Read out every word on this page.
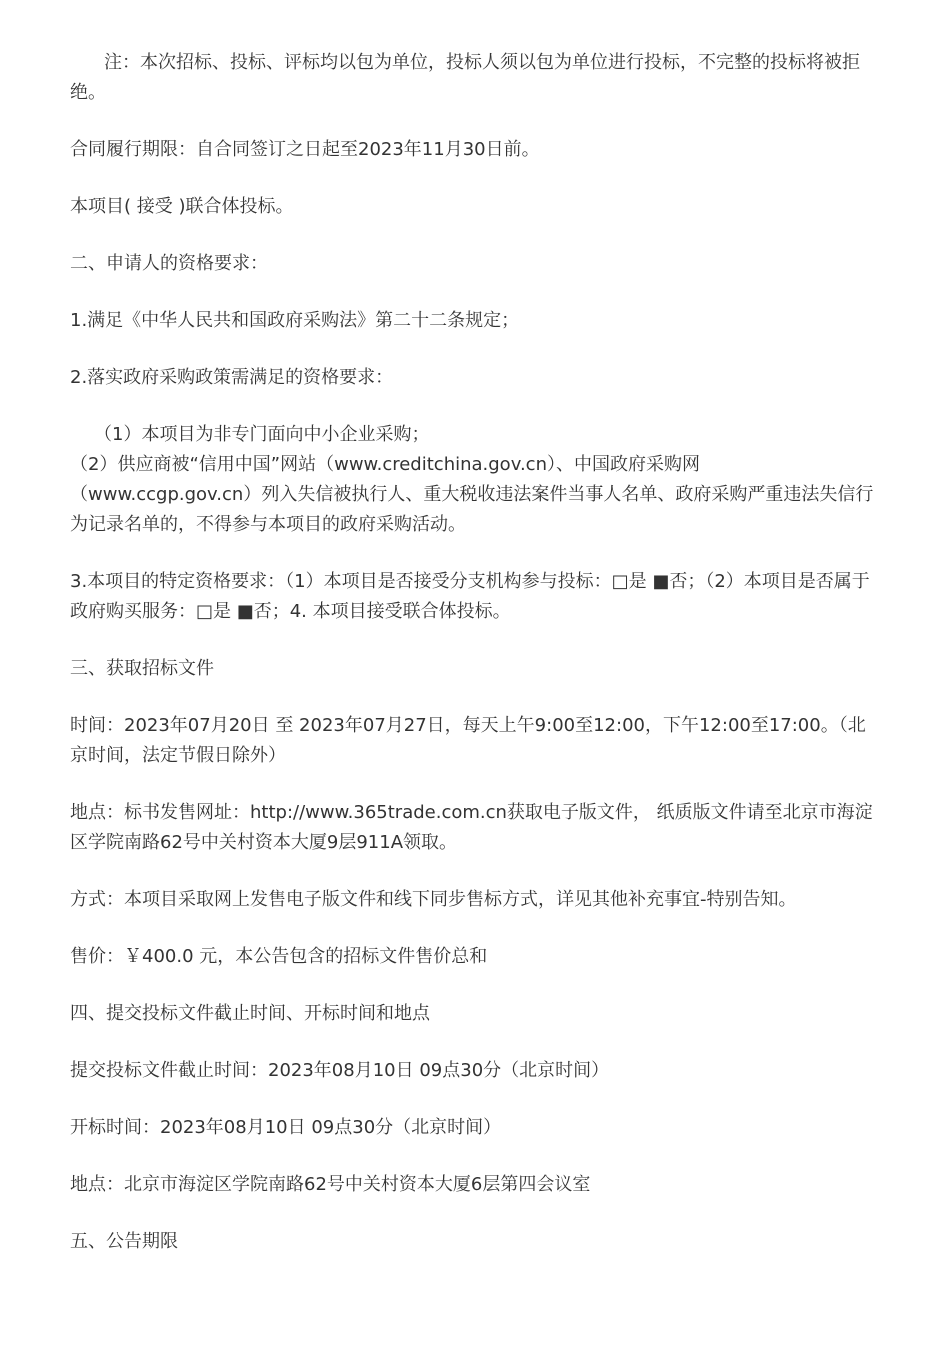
注：本次招标、投标、评标均以包为单位，投标人须以包为单位进行投标，不完整的投标将被拒绝。

合同履行期限：自合同签订之日起至2023年11月30日前。

本项目( 接受 )联合体投标。

二、申请人的资格要求：

1.满足《中华人民共和国政府采购法》第二十二条规定；

2.落实政府采购政策需满足的资格要求：

（1）本项目为非专门面向中小企业采购；

（2）供应商被“信用中国”网站（www.creditchina.gov.cn）、中国政府采购网（www.ccgp.gov.cn）列入失信被执行人、重大税收违法案件当事人名单、政府采购严重违法失信行为记录名单的，不得参与本项目的政府采购活动。

3.本项目的特定资格要求：（1）本项目是否接受分支机构参与投标：□是 ■否；（2）本项目是否属于政府购买服务：□是 ■否；4. 本项目接受联合体投标。

三、获取招标文件

时间：2023年07月20日 至 2023年07月27日，每天上午9:00至12:00，下午12:00至17:00。（北京时间，法定节假日除外）

地点：标书发售网址：http://www.365trade.com.cn获取电子版文件， 纸质版文件请至北京市海淀区学院南路62号中关村资本大厦9层911A领取。

方式：本项目采取网上发售电子版文件和线下同步售标方式，详见其他补充事宜-特别告知。

售价：￥400.0 元，本公告包含的招标文件售价总和

四、提交投标文件截止时间、开标时间和地点

提交投标文件截止时间：2023年08月10日 09点30分（北京时间）

开标时间：2023年08月10日 09点30分（北京时间）

地点：北京市海淀区学院南路62号中关村资本大厦6层第四会议室

五、公告期限
